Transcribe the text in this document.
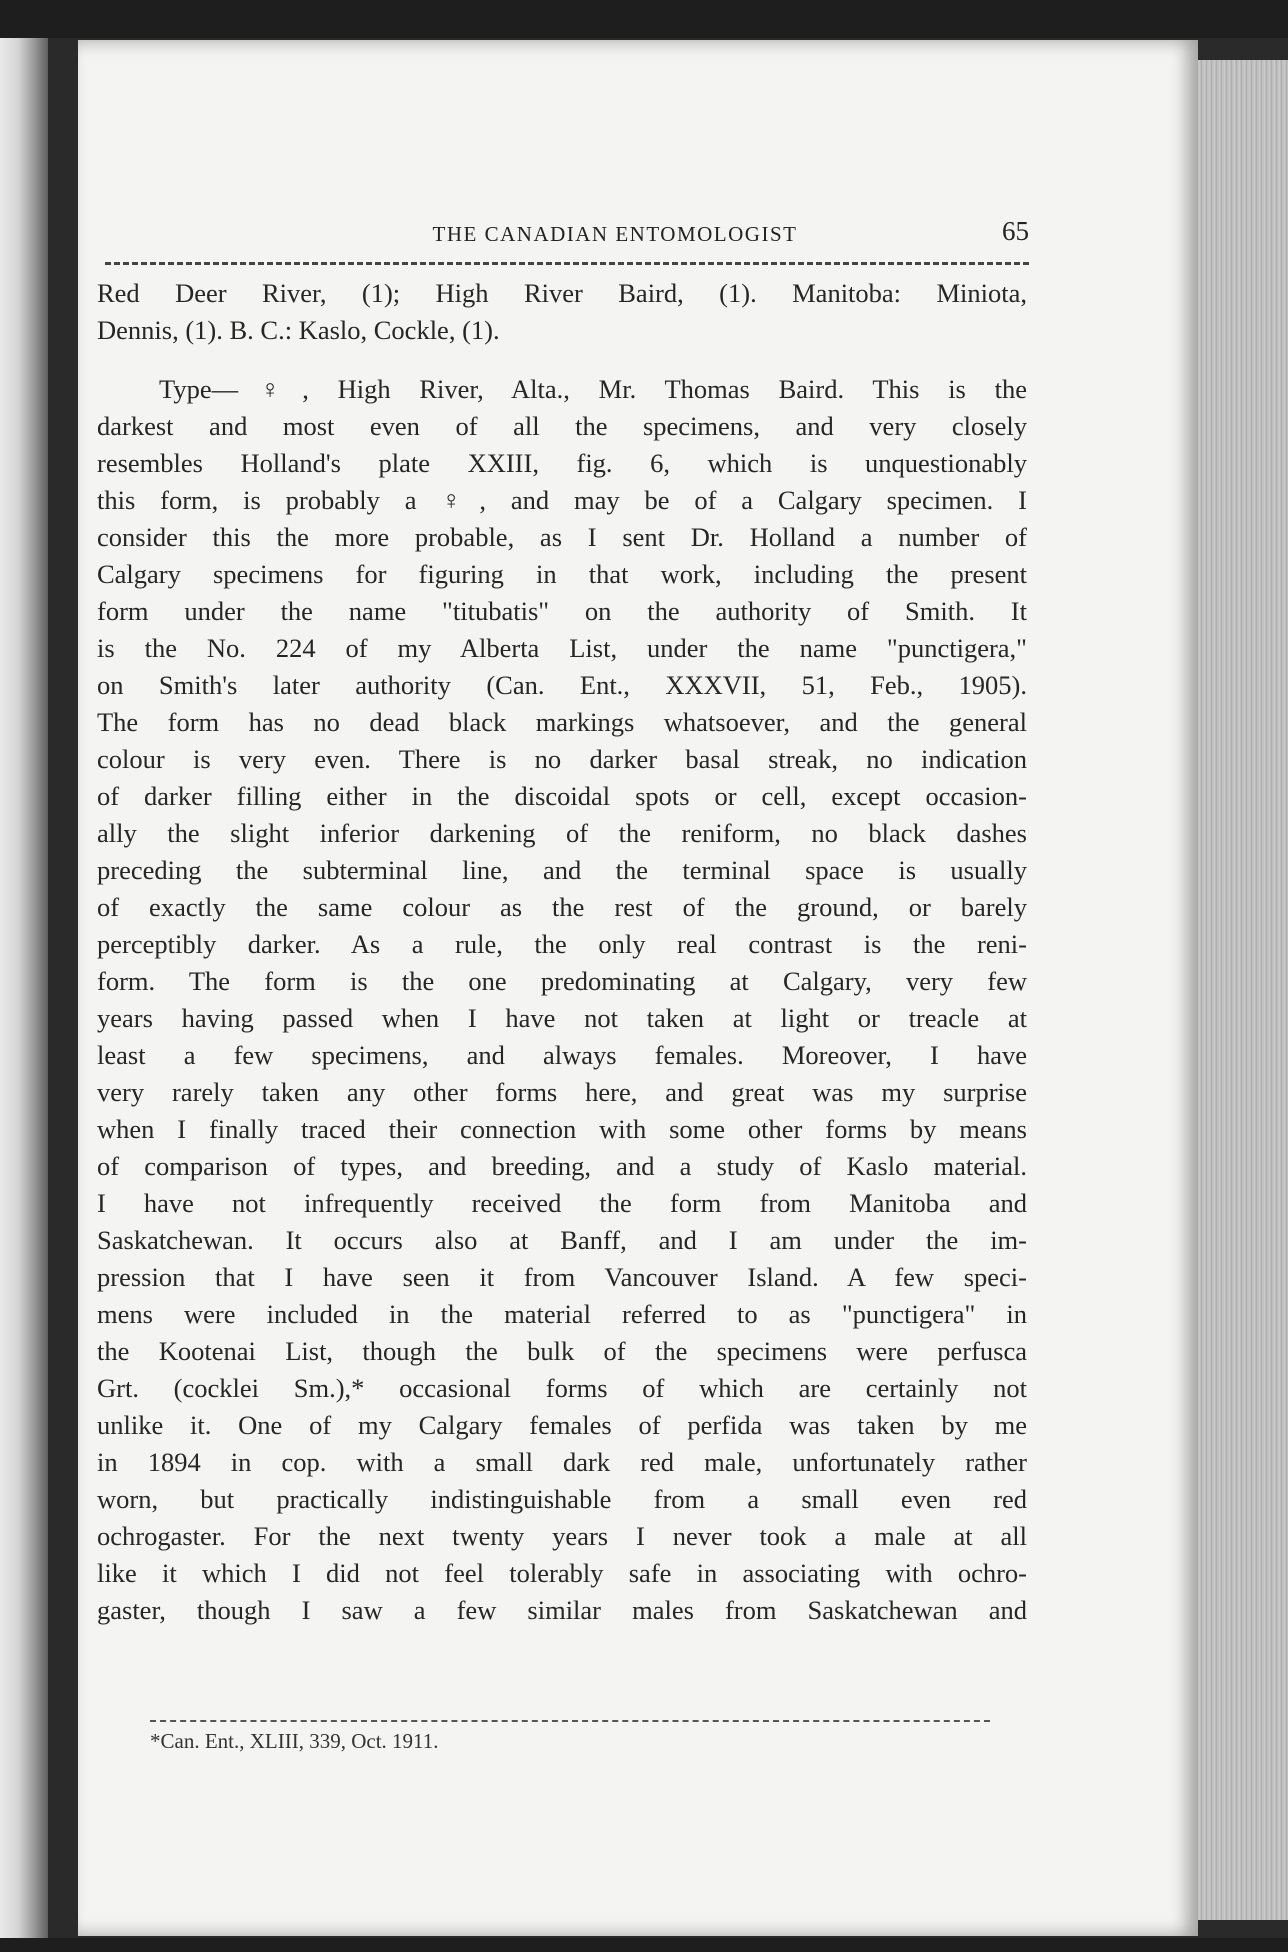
THE CANADIAN ENTOMOLOGIST	65
Red Deer River, (1); High River Baird, (1). Manitoba: Miniota,
Dennis, (1). B. C.: Kaslo, Cockle, (1).
Type—♀, High River, Alta., Mr. Thomas Baird. This is the
darkest and most even of all the specimens, and very closely
resembles Holland's plate XXIII, fig. 6, which is unquestionably
this form, is probably a ♀, and may be of a Calgary specimen. I
consider this the more probable, as I sent Dr. Holland a number of
Calgary specimens for figuring in that work, including the present
form under the name "titubatis" on the authority of Smith. It
is the No. 224 of my Alberta List, under the name "punctigera,"
on Smith's later authority (Can. Ent., XXXVII, 51, Feb., 1905).
The form has no dead black markings whatsoever, and the general
colour is very even. There is no darker basal streak, no indication
of darker filling either in the discoidal spots or cell, except occasion-
ally the slight inferior darkening of the reniform, no black dashes
preceding the subterminal line, and the terminal space is usually
of exactly the same colour as the rest of the ground, or barely
perceptibly darker. As a rule, the only real contrast is the reni-
form. The form is the one predominating at Calgary, very few
years having passed when I have not taken at light or treacle at
least a few specimens, and always females. Moreover, I have
very rarely taken any other forms here, and great was my surprise
when I finally traced their connection with some other forms by means
of comparison of types, and breeding, and a study of Kaslo material.
I have not infrequently received the form from Manitoba and
Saskatchewan. It occurs also at Banff, and I am under the im-
pression that I have seen it from Vancouver Island. A few speci-
mens were included in the material referred to as "punctigera" in
the Kootenai List, though the bulk of the specimens were perfusca
Grt. (cocklei Sm.),* occasional forms of which are certainly not
unlike it. One of my Calgary females of perfida was taken by me
in 1894 in cop. with a small dark red male, unfortunately rather
worn, but practically indistinguishable from a small even red
ochrogaster. For the next twenty years I never took a male at all
like it which I did not feel tolerably safe in associating with ochro-
gaster, though I saw a few similar males from Saskatchewan and
*Can. Ent., XLIII, 339, Oct. 1911.
